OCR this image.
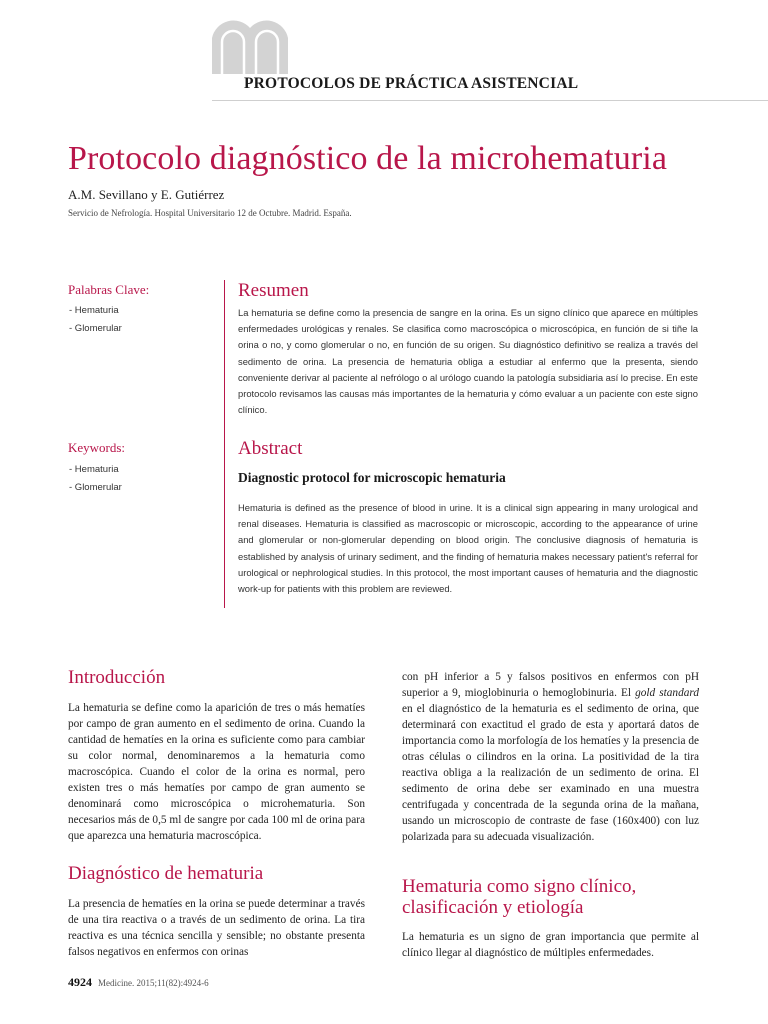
PROTOCOLOS DE PRÁCTICA ASISTENCIAL
Protocolo diagnóstico de la microhematuria
A.M. Sevillano y E. Gutiérrez
Servicio de Nefrología. Hospital Universitario 12 de Octubre. Madrid. España.
Palabras Clave:
- Hematuria
- Glomerular
Keywords:
- Hematuria
- Glomerular
Resumen

La hematuria se define como la presencia de sangre en la orina. Es un signo clínico que aparece en múltiples enfermedades urológicas y renales. Se clasifica como macroscópica o microscópica, en función de si tiñe la orina o no, y como glomerular o no, en función de su origen. Su diagnóstico definitivo se realiza a través del sedimento de orina. La presencia de hematuria obliga a estudiar al enfermo que la presenta, siendo conveniente derivar al paciente al nefrólogo o al urólogo cuando la patología subsidiaria así lo precise. En este protocolo revisamos las causas más importantes de la hematuria y cómo evaluar a un paciente con este signo clínico.

Abstract
Diagnostic protocol for microscopic hematuria

Hematuria is defined as the presence of blood in urine. It is a clinical sign appearing in many urological and renal diseases. Hematuria is classified as macroscopic or microscopic, according to the appearance of urine and glomerular or non-glomerular depending on blood origin. The conclusive diagnosis of hematuria is established by analysis of urinary sediment, and the finding of hematuria makes necessary patient's referral for urological or nephrological studies. In this protocol, the most important causes of hematuria and the diagnostic work-up for patients with this problem are reviewed.

Introducción

La hematuria se define como la aparición de tres o más hematíes por campo de gran aumento en el sedimento de orina. Cuando la cantidad de hematíes en la orina es suficiente como para cambiar su color normal, denominaremos a la hematuria como macroscópica. Cuando el color de la orina es normal, pero existen tres o más hematíes por campo de gran aumento se denominará como microscópica o microhematuria. Son necesarios más de 0,5 ml de sangre por cada 100 ml de orina para que aparezca una hematuria macroscópica.

Diagnóstico de hematuria

La presencia de hematíes en la orina se puede determinar a través de una tira reactiva o a través de un sedimento de orina. La tira reactiva es una técnica sencilla y sensible; no obstante presenta falsos negativos en enfermos con orinas

con pH inferior a 5 y falsos positivos en enfermos con pH superior a 9, mioglobinuria o hemoglobinuria. El gold standard en el diagnóstico de la hematuria es el sedimento de orina, que determinará con exactitud el grado de esta y aportará datos de importancia como la morfología de los hematíes y la presencia de otras células o cilindros en la orina. La positividad de la tira reactiva obliga a la realización de un sedimento de orina. El sedimento de orina debe ser examinado en una muestra centrifugada y concentrada de la segunda orina de la mañana, usando un microscopio de contraste de fase (160x400) con luz polarizada para su adecuada visualización.

Hematuria como signo clínico,
clasificación y etiología

La hematuria es un signo de gran importancia que permite al clínico llegar al diagnóstico de múltiples enfermedades.

4924 Medicine. 2015;11(82):4924-6
